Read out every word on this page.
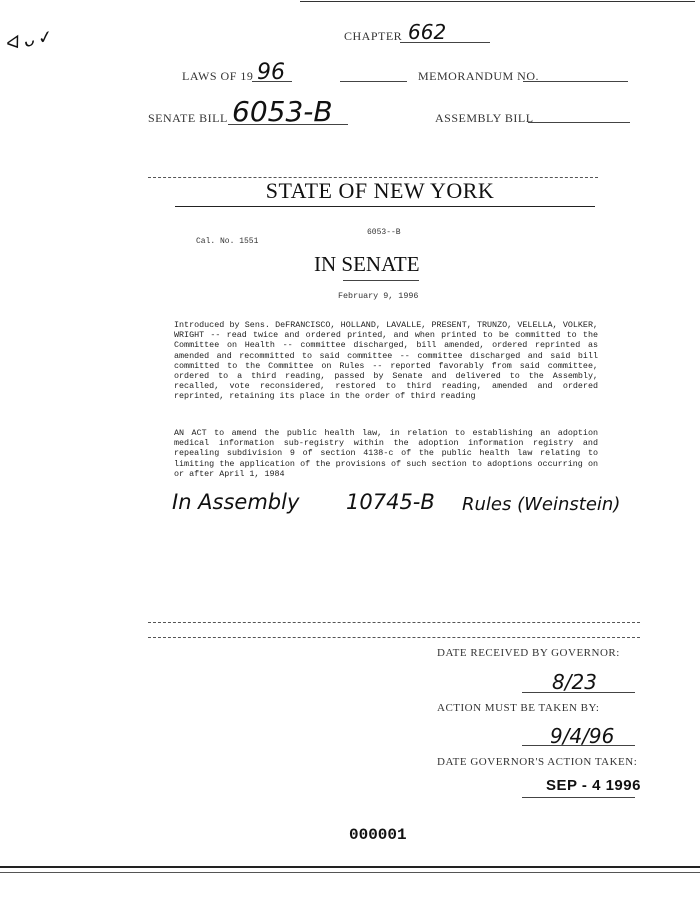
ᐊ ᴗ ✓	CHAPTER 662
LAWS OF 19 96	MEMORANDUM NO.
SENATE BILL 6053-B	ASSEMBLY BILL
STATE OF NEW YORK
6053--B
Cal. No. 1551
IN SENATE
February 9, 1996
Introduced by Sens. DeFRANCISCO, HOLLAND, LAVALLE, PRESENT, TRUNZO, VELELLA, VOLKER, WRIGHT -- read twice and ordered printed, and when printed to be committed to the Committee on Health -- committee discharged, bill amended, ordered reprinted as amended and recommitted to said committee -- committee discharged and said bill committed to the Committee on Rules -- reported favorably from said committee, ordered to a third reading, passed by Senate and delivered to the Assembly, recalled, vote reconsidered, restored to third reading, amended and ordered reprinted, retaining its place in the order of third reading
AN ACT to amend the public health law, in relation to establishing an adoption medical information sub-registry within the adoption information registry and repealing subdivision 9 of section 4138-c of the public health law relating to limiting the application of the provisions of such section to adoptions occurring on or after April 1, 1984
In Assembly 10745-B Rules (Weinstein)
DATE RECEIVED BY GOVERNOR:
8/23
ACTION MUST BE TAKEN BY:
9/4/96
DATE GOVERNOR'S ACTION TAKEN:
SEP - 4 1996
000001
